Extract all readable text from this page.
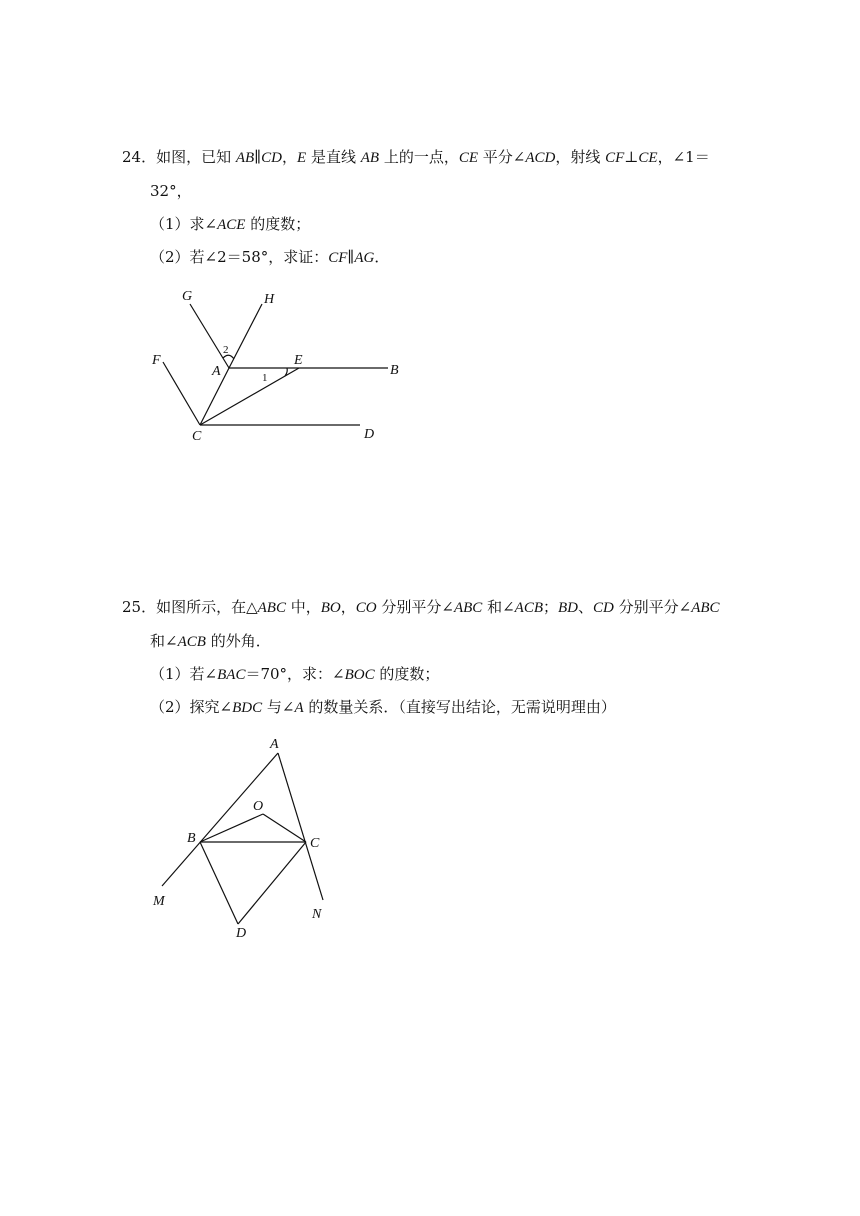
24．如图，已知 AB∥CD，E 是直线 AB 上的一点，CE 平分∠ACD，射线 CF⊥CE，∠1＝
32°，
（1）求∠ACE 的度数；
（2）若∠2＝58°，求证：CF∥AG．
G	H
F
A
E
B
C	D
1
2
25．如图所示，在△ABC 中，BO，CO 分别平分∠ABC 和∠ACB；BD、CD 分别平分∠ABC
和∠ACB 的外角．
（1）若∠BAC＝70°，求：∠BOC 的度数；
（2）探究∠BDC 与∠A 的数量关系．（直接写出结论，无需说明理由）
A
O
B	C
M
N
D
